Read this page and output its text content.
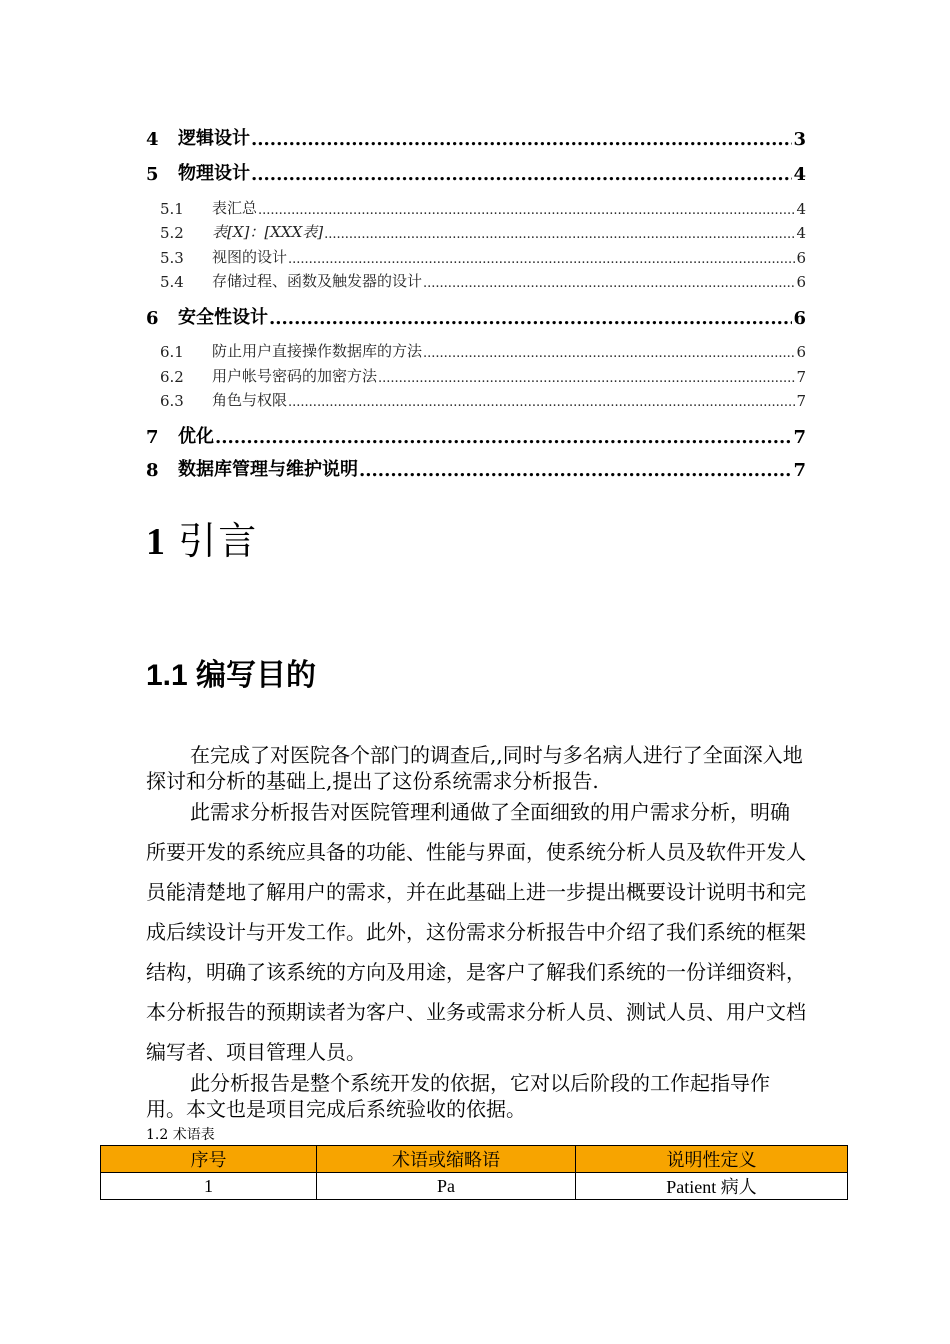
4	逻辑设计 .....	3
5	物理设计 .....	4
5.1	表汇总 .....	4
5.2	表[X]：[XXX表] .....	4
5.3	视图的设计 .....	6
5.4	存储过程、函数及触发器的设计 .....	6
6	安全性设计 .....	6
6.1	防止用户直接操作数据库的方法 .....	6
6.2	用户帐号密码的加密方法 .....	7
6.3	角色与权限 .....	7
7	优化 .....	7
8	数据库管理与维护说明 .....	7
1 引言
1.1 编写目的
在完成了对医院各个部门的调查后,,同时与多名病人进行了全面深入地探讨和分析的基础上,提出了这份系统需求分析报告.
此需求分析报告对医院管理利通做了全面细致的用户需求分析，明确所要开发的系统应具备的功能、性能与界面，使系统分析人员及软件开发人员能清楚地了解用户的需求，并在此基础上进一步提出概要设计说明书和完成后续设计与开发工作。此外，这份需求分析报告中介绍了我们系统的框架结构，明确了该系统的方向及用途，是客户了解我们系统的一份详细资料，本分析报告的预期读者为客户、业务或需求分析人员、测试人员、用户文档编写者、项目管理人员。
此分析报告是整个系统开发的依据，它对以后阶段的工作起指导作用。本文也是项目完成后系统验收的依据。
1.2 术语表
序号	术语或缩略语	说明性定义
1	Pa	Patient 病人
